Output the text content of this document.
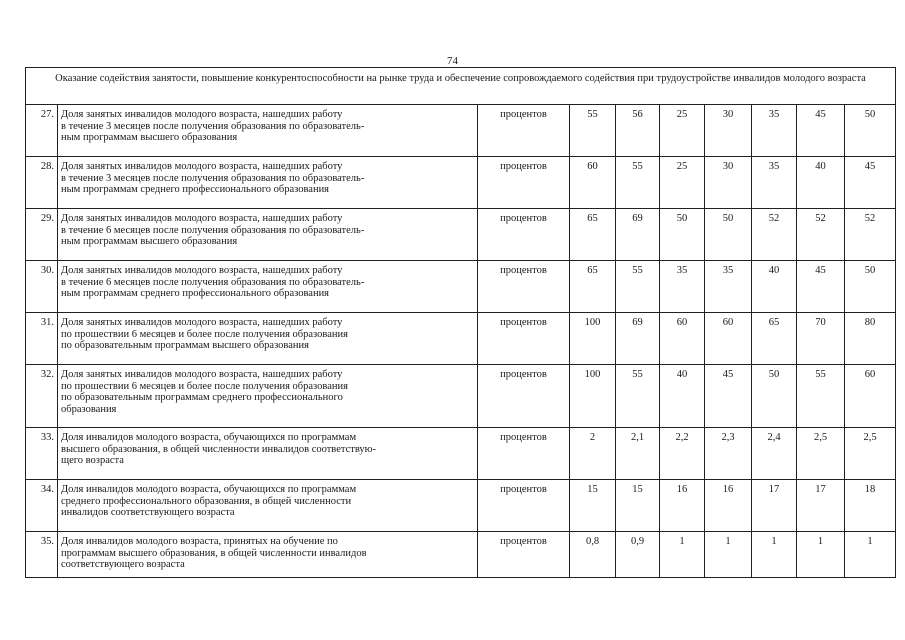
74
Оказание содействия занятости, повышение конкурентоспособности на рынке труда и обеспечение сопровождаемого содействия при трудоустройстве инвалидов молодого возраста									
27.	Доля занятых инвалидов молодого возраста, нашедших работу
в течение 3 месяцев после получения образования по образователь-
ным программам высшего образования	процентов	55	56	25	30	35	45	50
28.	Доля занятых инвалидов молодого возраста, нашедших работу
в течение 3 месяцев после получения образования по образователь-
ным программам среднего профессионального образования	процентов	60	55	25	30	35	40	45
29.	Доля занятых инвалидов молодого возраста, нашедших работу
в течение 6 месяцев после получения образования по образователь-
ным программам высшего образования	процентов	65	69	50	50	52	52	52
30.	Доля занятых инвалидов молодого возраста, нашедших работу
в течение 6 месяцев после получения образования по образователь-
ным программам среднего профессионального образования	процентов	65	55	35	35	40	45	50
31.	Доля занятых инвалидов молодого возраста, нашедших работу
по прошествии 6 месяцев и более после получения образования
по образовательным программам высшего образования	процентов	100	69	60	60	65	70	80
32.	Доля занятых инвалидов молодого возраста, нашедших работу
по прошествии 6 месяцев и более после получения образования
по образовательным программам среднего профессионального
образования	процентов	100	55	40	45	50	55	60
33.	Доля инвалидов молодого возраста, обучающихся по программам
высшего образования, в общей численности инвалидов соответствую-
щего возраста	процентов	2	2,1	2,2	2,3	2,4	2,5	2,5
34.	Доля инвалидов молодого возраста, обучающихся по программам
среднего профессионального образования, в общей численности
инвалидов соответствующего возраста	процентов	15	15	16	16	17	17	18
35.	Доля инвалидов молодого возраста, принятых на обучение по
программам высшего образования, в общей численности инвалидов
соответствующего возраста	процентов	0,8	0,9	1	1	1	1	1
